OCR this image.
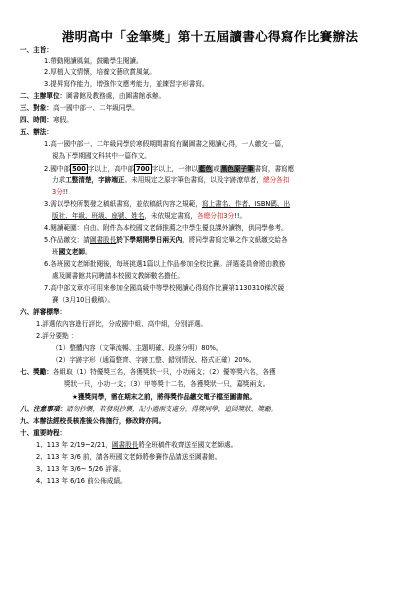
港明高中「金筆獎」第十五屆讀書心得寫作比賽辦法
一、主旨：
1.帶動閱讀風氣，鼓勵學生閱讀。
2.厚植人文情懷，培養文藝欣賞風氣。
3.提昇寫作能力，增強作文應考能力，並練習字形書寫。
二、主辦單位：圖書館及教務處，由圖書館承辦。
三、對象：高一國中部一、二年級同學。
四、時間：寒假。
五、辦法：
1.高一國中部一、二年級同學於寒假期間書寫有關圖書之閱讀心得，一人繳交一篇，
視為下學期國文科其中一篇作文。
2.國中部 500 字以上，高中部 700 字以上，一律以藍色或黑色原子筆書寫，書寫應
力求工整清楚，字跡端正。未用規定之原字筆色書寫，以及字跡潦草者，總分各扣
3分!!
3.需以學校所製發之稿紙書寫，並依稿紙內容之規範，寫上書名、作者、ISBN碼、出
版社、年級、班級、座號、姓名，未依規定書寫，各總分扣3分!!。
4.閱讀範圍：自由。附件為本校國文老師推薦之中學生優良課外讀物，供同學參考。
5.作品繳交：請圖書股長於下學期開學日兩天內，將同學書寫完畢之作文紙繳交給各
班國文老師。
6.各班國文老師批閱後，每班挑選1篇以上作品參加全校比賽。評選委員會將由教務
處及圖書館共同聘請本校國文教師數名擔任。
7.高中部文章亦可用來參加全國高級中等學校閱讀心得寫作比賽第1130310梯次競
賽（3月10日截稿）。
六、評審標準：
1.評選依內容進行評比，分成國中組、高中組，分別評選。
2.評分要點 ：
（1）整體內容（文筆流暢、主題明確、段落分明）80%。
（2）字跡字形（通篇整齊、字跡工整、錯別情況、格式正確）20%。
七、獎勵：各組取（1）特優獎三名，各獲獎狀一只，小功兩支；（2）優等獎六名，各獲
獎狀一只，小功一支；（3）甲等獎十二名，各獲獎狀一只，嘉獎兩支。
★獲獎同學，需在期末之前，將得獎作品繳交電子檔至圖書館。
八、注意事項：請勿抄襲，若發現抄襲，記小過兩支處分，得獎同學，追回獎狀、獎勵。
九、本辦法經校長核准後公佈施行，修改時亦同。
十、重要時程：
1、113 年 2/19~2/21，圖書股長將全班稿件收齊送至國文老師處。
2、113 年 3/6 前，請各班國文老師將參賽作品請送至圖書館。
3、113 年 3/6~ 5/26 評審。
4、113 年 6/16 前公佈成績。
